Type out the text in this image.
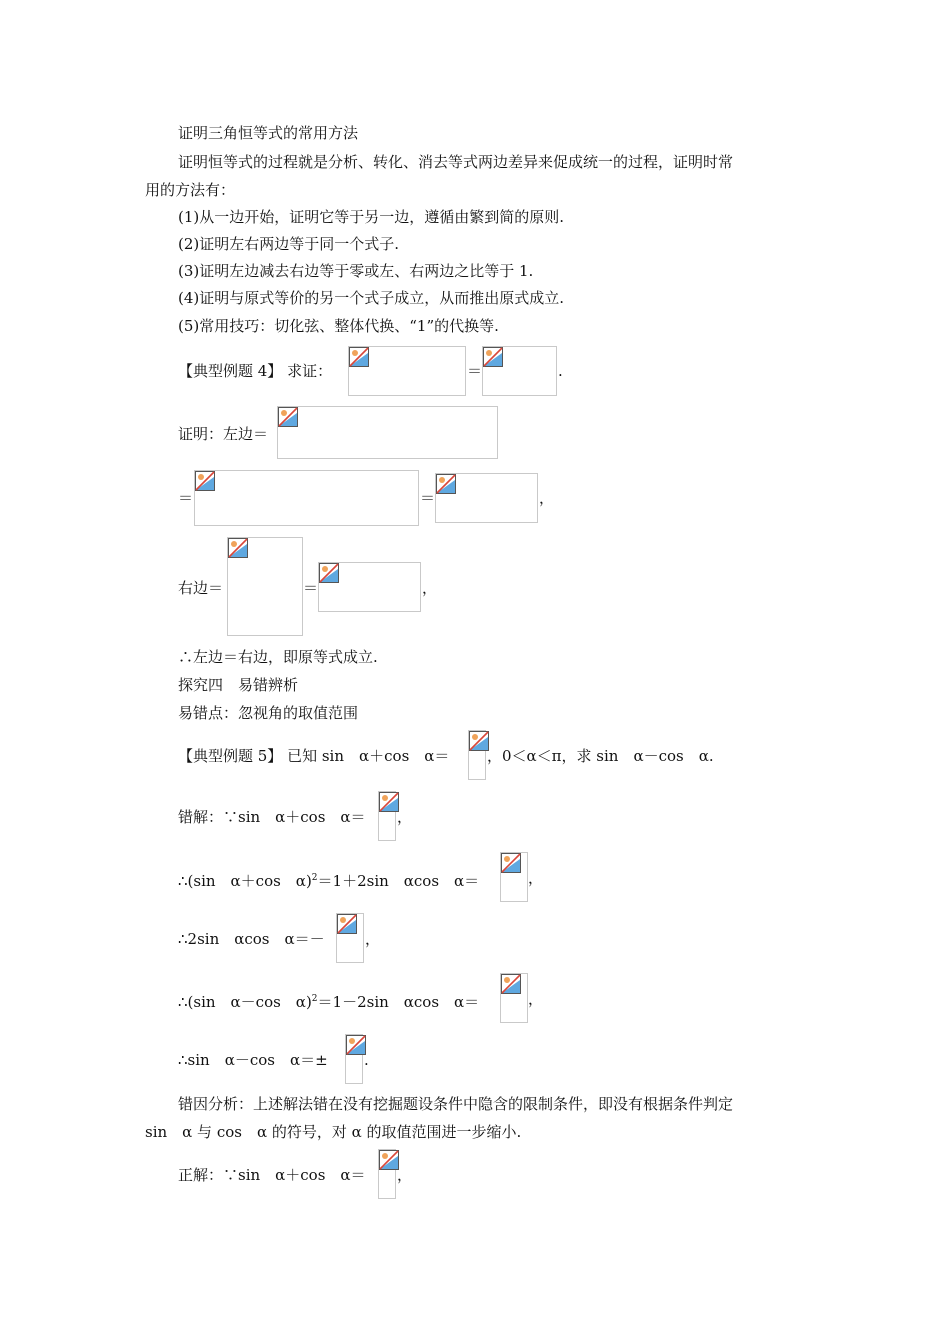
证明三角恒等式的常用方法
证明恒等式的过程就是分析、转化、消去等式两边差异来促成统一的过程，证明时常
用的方法有：
(1)从一边开始，证明它等于另一边，遵循由繁到简的原则.
(2)证明左右两边等于同一个式子.
(3)证明左边减去右边等于零或左、右两边之比等于 1.
(4)证明与原式等价的另一个式子成立，从而推出原式成立.
(5)常用技巧：切化弦、整体代换、“1”的代换等.
【典型例题 4】 求证：	＝	.
证明：左边＝
＝	＝	，
右边＝	＝	，
∴左边＝右边，即原等式成立.
探究四　易错辨析
易错点：忽视角的取值范围
【典型例题 5】 已知 sin　α＋cos　α＝	，0＜α＜π，求 sin　α－cos　α.
错解：∵sin　α＋cos　α＝ ，
∴(sin　α＋cos　α)$^2$＝1＋2sin　αcos　α＝	，
∴2sin　αcos　α＝－	，
∴(sin　α－cos　α)$^2$＝1－2sin　αcos　α＝	，
∴sin　α－cos　α＝± .
错因分析：上述解法错在没有挖掘题设条件中隐含的限制条件，即没有根据条件判定
sin　α 与 cos　α 的符号，对 α 的取值范围进一步缩小.
正解：∵sin　α＋cos　α＝ ，
